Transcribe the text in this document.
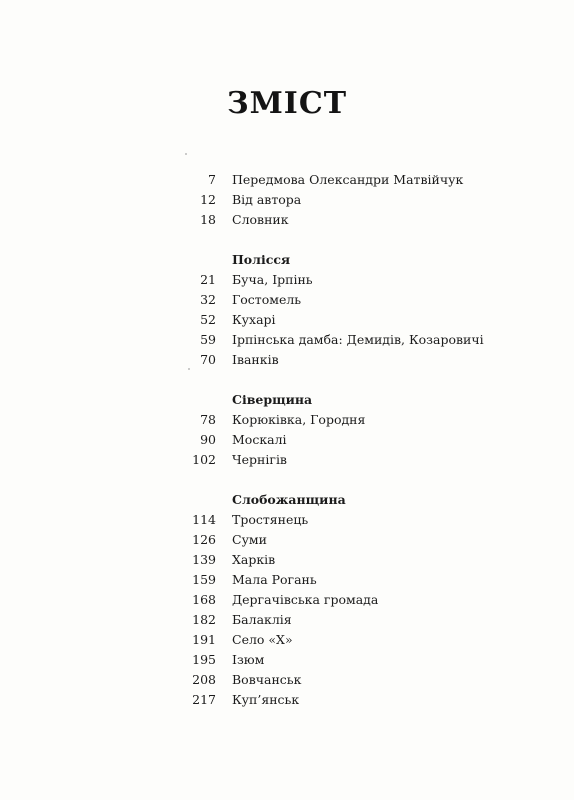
ЗМІСТ
7 Передмова Олександри Матвійчук
12 Від автора
18 Словник
Полісся
21 Буча, Ірпінь
32 Гостомель
52 Кухарі
59 Ірпінська дамба: Демидів, Козаровичі
70 Іванків
Сіверщина
78 Корюківка, Городня
90 Москалі
102 Чернігів
Слобожанщина
114 Тростянець
126 Суми
139 Харків
159 Мала Рогань
168 Дергачівська громада
182 Балаклія
191 Село «Х»
195 Ізюм
208 Вовчанськ
217 Куп’янськ
